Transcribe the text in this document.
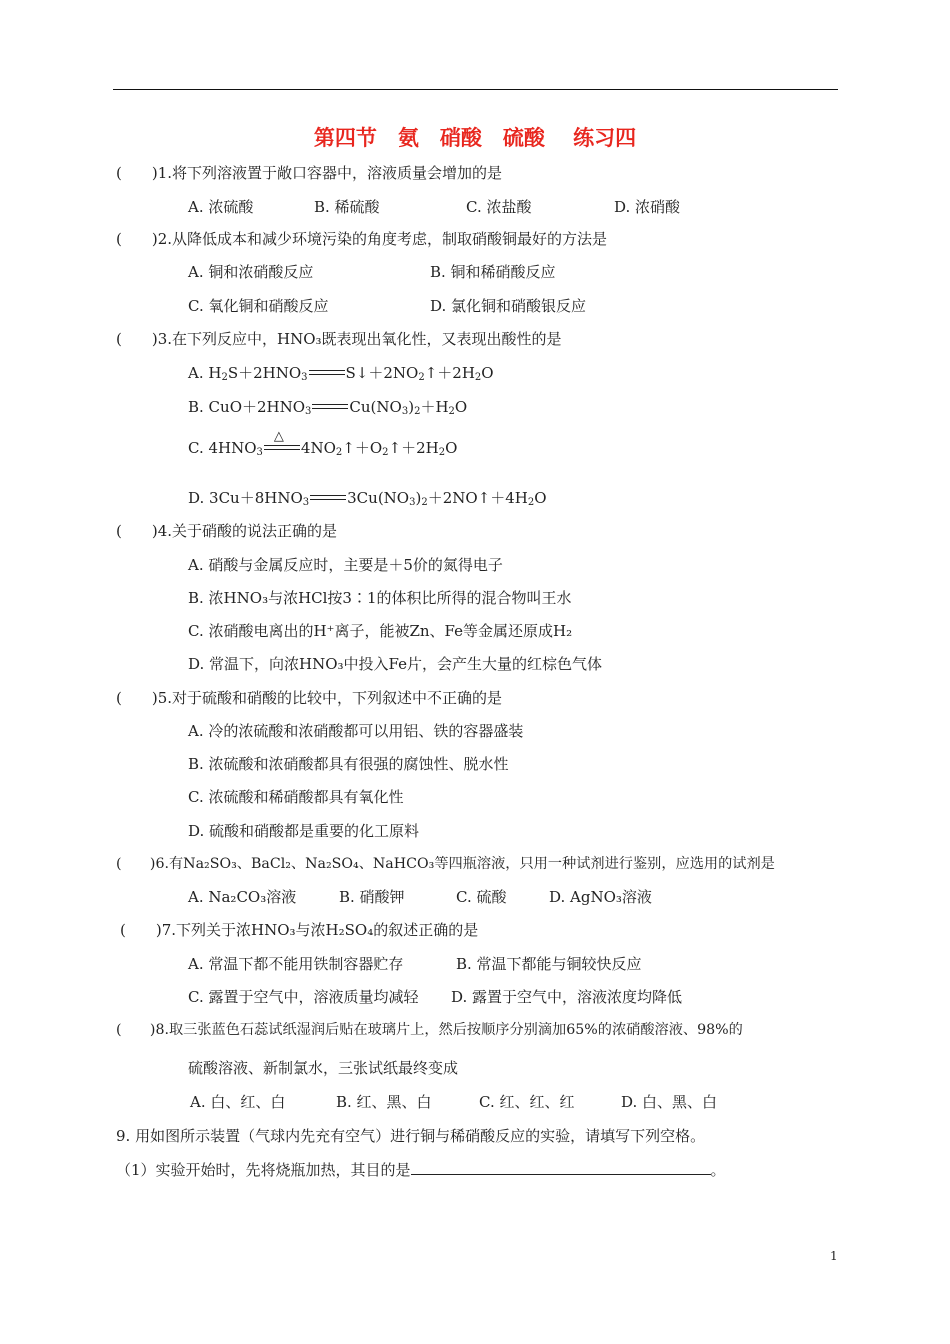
第四节　氨　硝酸　硫酸　 练习四
(　　)1.将下列溶液置于敞口容器中，溶液质量会增加的是
A. 浓硫酸	B. 稀硫酸	C. 浓盐酸	D. 浓硝酸
(　　)2.从降低成本和减少环境污染的角度考虑，制取硝酸铜最好的方法是
A. 铜和浓硝酸反应	B. 铜和稀硝酸反应
C. 氧化铜和硝酸反应	D. 氯化铜和硝酸银反应
(　　)3.在下列反应中，HNO₃既表现出氧化性，又表现出酸性的是
A. $H_2S+2HNO_3$	$S↓+2NO_2↑+2H_2O$
B. $CuO+2HNO_3$	$Cu(NO_3)_2+H_2O$
C. $4HNO_3$
△
$4NO_2↑+O_2↑+2H_2O$
D. $3Cu+8HNO_3$	$3Cu(NO_3)_2+2NO↑+4H_2O$
(　　)4.关于硝酸的说法正确的是
A. 硝酸与金属反应时，主要是＋5价的氮得电子
B. 浓HNO₃与浓HCl按3∶1的体积比所得的混合物叫王水
C. 浓硝酸电离出的H⁺离子，能被Zn、Fe等金属还原成H₂
D. 常温下，向浓HNO₃中投入Fe片，会产生大量的红棕色气体
(　　)5.对于硫酸和硝酸的比较中，下列叙述中不正确的是
A. 冷的浓硫酸和浓硝酸都可以用铝、铁的容器盛装
B. 浓硫酸和浓硝酸都具有很强的腐蚀性、脱水性
C. 浓硫酸和稀硝酸都具有氧化性
D. 硫酸和硝酸都是重要的化工原料
(　　)6.有Na₂SO₃、BaCl₂、Na₂SO₄、NaHCO₃等四瓶溶液，只用一种试剂进行鉴别，应选用的试剂是
A. Na₂CO₃溶液	B. 硝酸钾	C. 硫酸	D. AgNO₃溶液
(　　)7.下列关于浓HNO₃与浓H₂SO₄的叙述正确的是
A. 常温下都不能用铁制容器贮存	B. 常温下都能与铜较快反应
C. 露置于空气中，溶液质量均减轻 D. 露置于空气中，溶液浓度均降低
(　　)8.取三张蓝色石蕊试纸湿润后贴在玻璃片上，然后按顺序分别滴加65%的浓硝酸溶液、98%的
硫酸溶液、新制氯水，三张试纸最终变成
A. 白、红、白	B. 红、黑、白	C. 红、红、红	D. 白、黑、白
9. 用如图所示装置（气球内先充有空气）进行铜与稀硝酸反应的实验，请填写下列空格。
（1）实验开始时，先将烧瓶加热，其目的是	。
1
